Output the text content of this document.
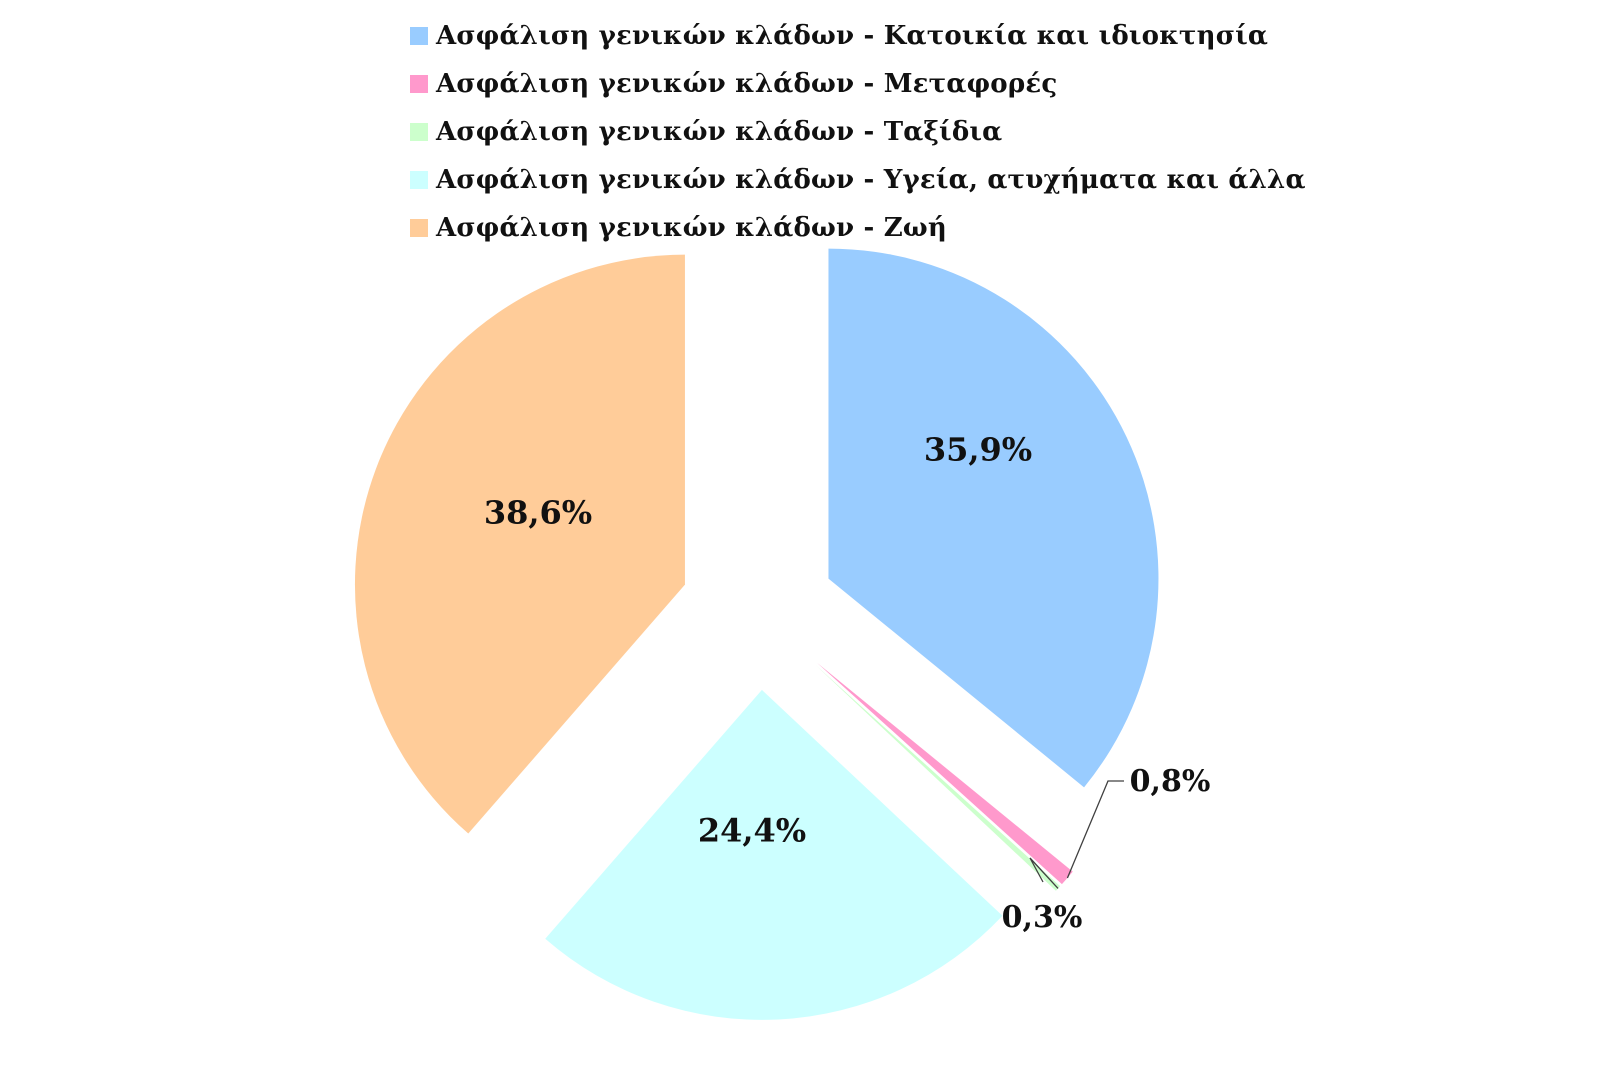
Ασφάλιση γενικών κλάδων - Κατοικία και ιδιοκτησία
Ασφάλιση γενικών κλάδων - Μεταφορές
Ασφάλιση γενικών κλάδων - Ταξίδια
Ασφάλιση γενικών κλάδων - Υγεία, ατυχήματα και άλλα
Ασφάλιση γενικών κλάδων - Ζωή
35,9%
0,8%
0,3%
24,4%
38,6%
